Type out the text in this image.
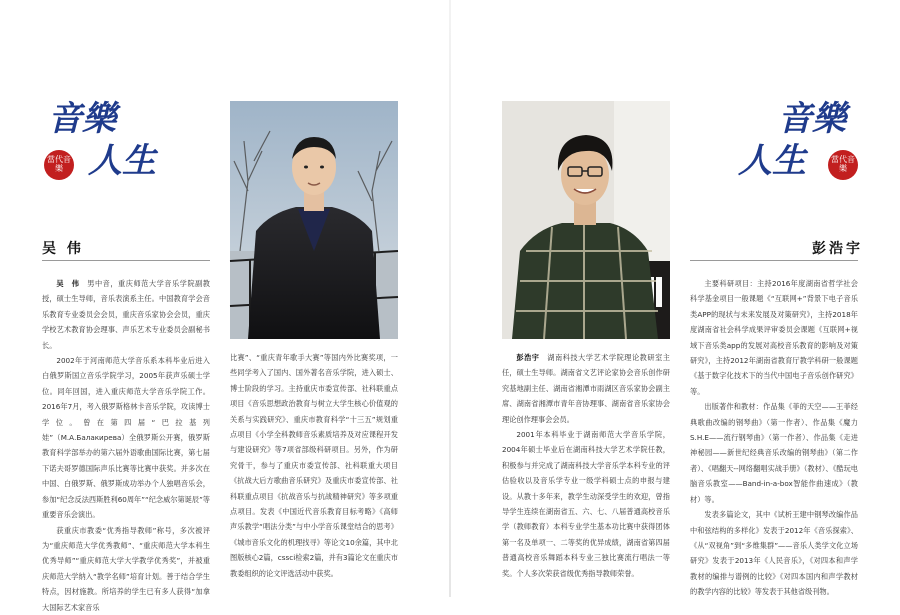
音樂
人生
當代音樂
吴 伟

吴　伟　 男中音，重庆师范大学音乐学院副教授，硕士生导师，音乐表演系主任。中国教育学会音乐教育专业委员会会员，重庆音乐家协会会员，重庆学校艺术教育协会理事、声乐艺术专业委员会副秘书长。

2002年于河南师范大学音乐系本科毕业后进入白俄罗斯国立音乐学院学习，2005年获声乐硕士学位。同年回国，进入重庆师范大学音乐学院工作。2016年7月，考入俄罗斯格林卡音乐学院，攻读博士学位。曾在第四届“巴拉基列娃”（М.А.Балакирева）全俄罗斯公开赛，俄罗斯教育科学部举办的第六届外语歌曲国际比赛，第七届下诺夫哥罗德国际声乐比赛等比赛中获奖。并多次在中国、白俄罗斯、俄罗斯成功举办个人独唱音乐会，参加“纪念反法西斯胜利60周年”“纪念威尔第诞辰”等重要音乐会演出。

获重庆市教委“优秀指导教师”称号，多次被评为“重庆师范大学优秀教师”、“重庆师范大学本科生优秀导师”“重庆师范大学大学教学优秀奖”，并被重庆师范大学纳入“教学名师”培育计划。善于结合学生特点，因材施教。所培养的学生已有多人获得“加拿大国际艺术家音乐

比赛”、“重庆青年歌手大赛”等国内外比赛奖项，一些同学考入了国内、国外著名音乐学院，进入硕士、博士阶段的学习。主持重庆市委宣传部、社科联重点项目《音乐思想政治教育与树立大学生核心价值观的关系与实践研究》、重庆市教育科学“十三五”规划重点项目《小学全科教师音乐素质培养及对应课程开发与建设研究》等7项省部级科研项目。另外，作为研究骨干，参与了重庆市委宣传部、社科联重大项目《抗战大后方歌曲音乐研究》及重庆市委宣传部、社科联重点项目《抗战音乐与抗战精神研究》等多项重点项目。发表《中国近代音乐教育目标考略》《高师声乐教学“唱法分类”与中小学音乐课堂结合的思考》《城市音乐文化的机理找寻》等论文10余篇，其中北图版核心2篇，cssci检索2篇，并有3篇论文在重庆市教委组织的论文评选活动中获奖。
音樂
人生	當代音樂
彭浩宇

彭浩宇　 湖南科技大学艺术学院理论教研室主任，硕士生导师。湖南省文艺评论家协会音乐创作研究基地副主任、湖南省湘潭市雨湖区音乐家协会副主席、湖南省湘潭市青年音协理事、湖南省音乐家协会理论创作理事会会员。

2001年本科毕业于湖南师范大学音乐学院，2004年硕士毕业后在湖南科技大学艺术学院任教，积极参与并完成了湖南科技大学音乐学本科专业的评估验收以及音乐学专业一级学科硕士点的申报与建设。从教十多年来，教学生动深受学生的欢迎，曾指导学生连续在湖南省五、六、七、八届普通高校音乐学（教师教育）本科专业学生基本功比赛中获得团体第一名及单项一、二等奖的优异成绩，湖南省第四届普通高校音乐舞蹈本科专业三独比赛流行唱法一等奖。个人多次荣获省级优秀指导教师荣誉。

主要科研项目：主持2016年度湖南省哲学社会科学基金项目一般课题《“互联网+”背景下电子音乐类APP的现状与未来发展及对策研究》，主持2018年度湖南省社会科学成果评审委员会课题《互联网+视域下音乐类app的发展对高校音乐教育的影响及对策研究》，主持2012年湖南省教育厅教学科研一般课题《基于数字化技术下的当代中国电子音乐创作研究》等。

出版著作和教材：作品集《菲的天空——王菲经典歌曲改编的钢琴曲》（第一作者）、作品集《魔力S.H.E——流行钢琴曲》（第一作者）、作品集《走进神秘园——新世纪经典音乐改编的钢琴曲》（第二作者）、《唱翻天--网络翻唱实战手册》（教材）、《酷玩电脑音乐教室——Band-in-a-box智能作曲速成》（教材）等。

发表多篇论文，其中《试析王建中钢琴改编作品中和弦结构的多样化》发表于2012年《音乐探索》、《从“双视角”到“多维集群”——音乐人类学文化立场研究》发表于2013年《人民音乐》，《对四本和声学教材的编排与谱例的比较》《对四本国内和声学教材的教学内容的比较》等发表于其他省级刊物。
